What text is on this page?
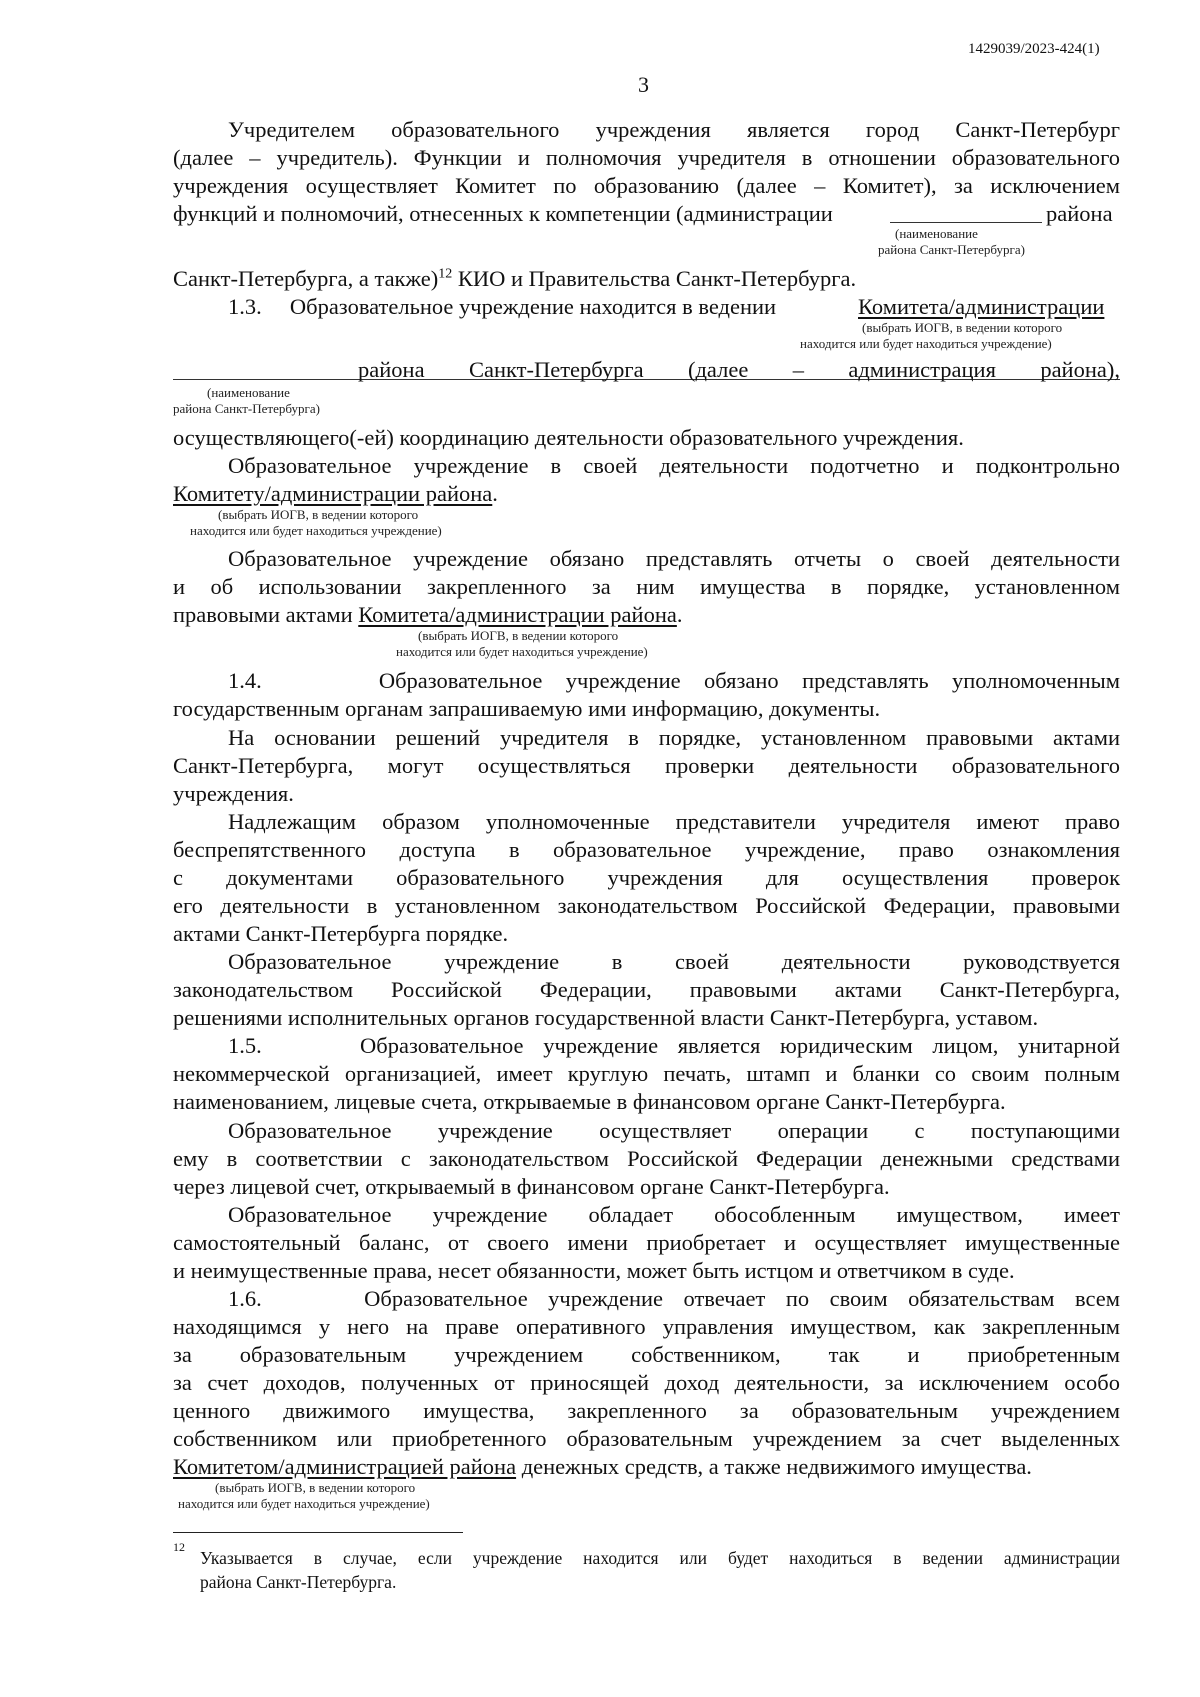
1429039/2023-424(1)
3
Учредителем образовательного учреждения является город Санкт-Петербург
(далее – учредитель). Функции и полномочия учредителя в отношении образовательного
учреждения осуществляет Комитет по образованию (далее – Комитет), за исключением
функций и полномочий, отнесенных к компетенции (администрации	района
(наименование
района Санкт-Петербурга)
Санкт-Петербурга, а также)$^{12}$ КИО и Правительства Санкт-Петербурга.
1.3.     Образовательное учреждение находится в ведении	Комитета/администрации
(выбрать ИОГВ, в ведении которого
находится или будет находиться учреждение)
района      Санкт-Петербурга      (далее      –      администрация      района),
(наименование
района Санкт-Петербурга)
осуществляющего(-ей) координацию деятельности образовательного учреждения.
Образовательное учреждение в своей деятельности подотчетно и подконтрольно
Комитету/администрации района.
(выбрать ИОГВ, в ведении которого
находится или будет находиться учреждение)
Образовательное учреждение обязано представлять отчеты о своей деятельности
и об использовании закрепленного за ним имущества в порядке, установленном
правовыми актами Комитета/администрации района.
(выбрать ИОГВ, в ведении которого
находится или будет находиться учреждение)
1.4.     Образовательное учреждение обязано представлять уполномоченным
государственным органам запрашиваемую ими информацию, документы.
На основании решений учредителя в порядке, установленном правовыми актами
Санкт-Петербурга, могут осуществляться проверки деятельности образовательного
учреждения.
Надлежащим образом уполномоченные представители учредителя имеют право
беспрепятственного доступа в образовательное учреждение, право ознакомления
с документами образовательного учреждения для осуществления проверок
его деятельности в установленном законодательством Российской Федерации, правовыми
актами Санкт-Петербурга порядке.
Образовательное учреждение в своей деятельности руководствуется
законодательством Российской Федерации, правовыми актами Санкт-Петербурга,
решениями исполнительных органов государственной власти Санкт-Петербурга, уставом.
1.5.     Образовательное учреждение является юридическим лицом, унитарной
некоммерческой организацией, имеет круглую печать, штамп и бланки со своим полным
наименованием, лицевые счета, открываемые в финансовом органе Санкт-Петербурга.
Образовательное учреждение осуществляет операции с поступающими
ему в соответствии с законодательством Российской Федерации денежными средствами
через лицевой счет, открываемый в финансовом органе Санкт-Петербурга.
Образовательное учреждение обладает обособленным имуществом, имеет
самостоятельный баланс, от своего имени приобретает и осуществляет имущественные
и неимущественные права, несет обязанности, может быть истцом и ответчиком в суде.
1.6.     Образовательное учреждение отвечает по своим обязательствам всем
находящимся у него на праве оперативного управления имуществом, как закрепленным
за образовательным учреждением собственником, так и приобретенным
за счет доходов, полученных от приносящей доход деятельности, за исключением особо
ценного движимого имущества, закрепленного за образовательным учреждением
собственником или приобретенного образовательным учреждением за счет выделенных
Комитетом/администрацией района денежных средств, а также недвижимого имущества.
(выбрать ИОГВ, в ведении которого
находится или будет находиться учреждение)
12
Указывается в случае, если учреждение находится или будет находиться в ведении администрации
района Санкт-Петербурга.
